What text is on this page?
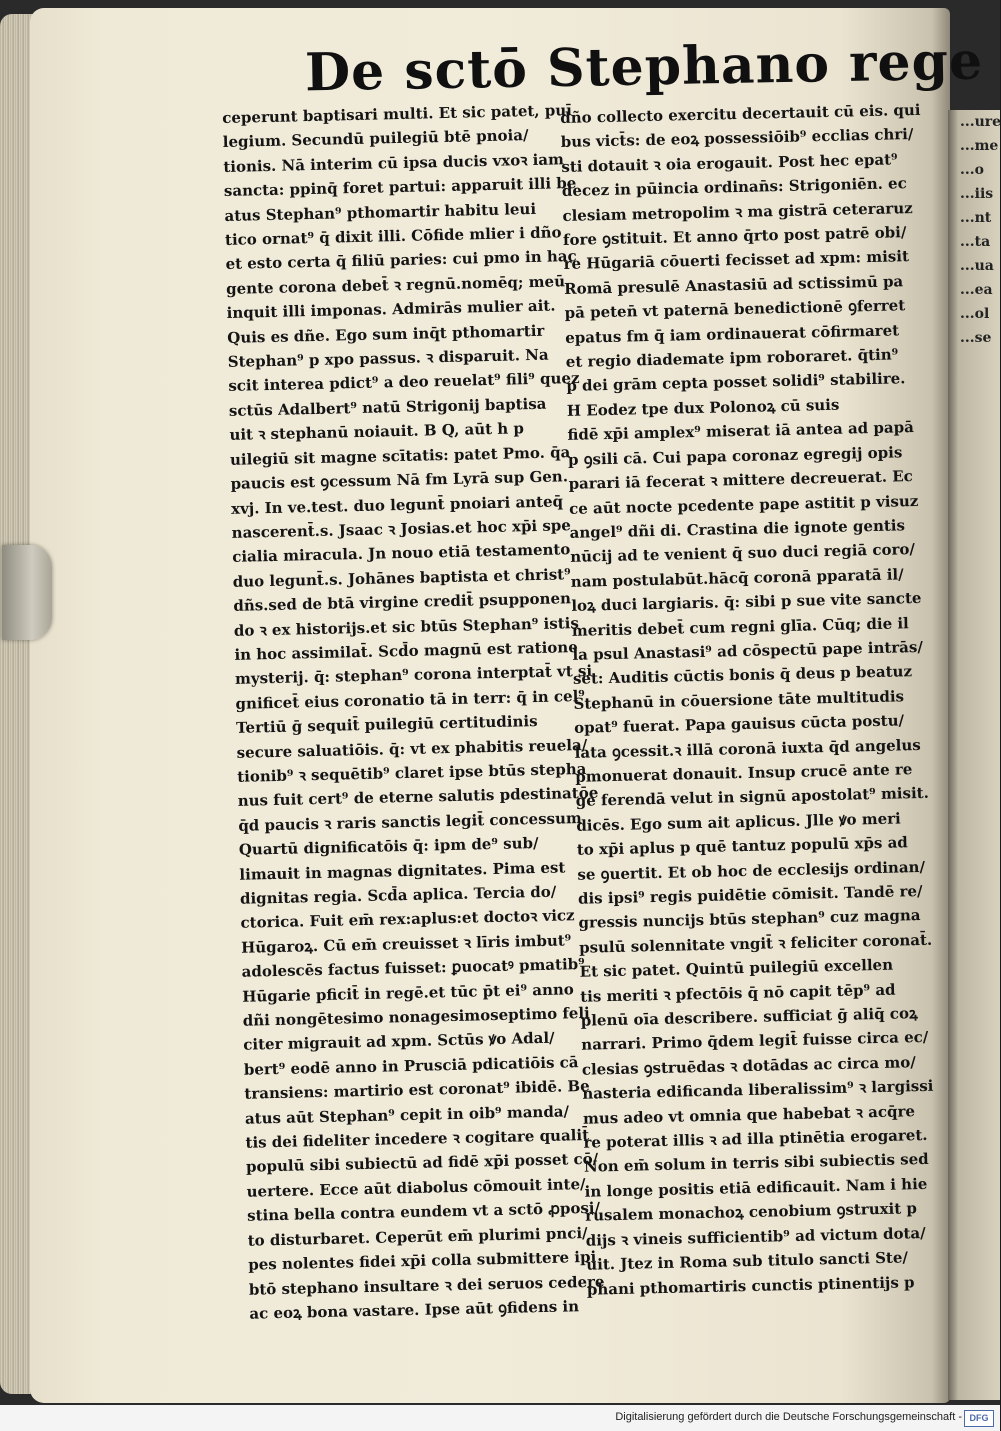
...ure
...me
...o
...iis
...nt
...ta
...ua
...ea
...ol
...se
De sctō Stephano rege
ceperunt baptisari multi. Et sic patet, puī
legium. Secundū puilegiū btē pnoia/
tionis. Nā interim cū ipsa ducis vxoꝛ iam
sancta: ppinq̄ foret partui: apparuit illi be
atus Stephan⁹ pthomartir habitu leui
tico ornat⁹ q̄ dixit illi. Cōfide mlier i dño
et esto certa q̄ filiū paries: cui pmo in hac
gente corona debet̄ ꝛ regnū.nomēq; meū
inquit illi imponas. Admirās mulier ait.
Quis es dñe. Ego sum inq̄t pthomartir
Stephan⁹ p xpo passus. ꝛ disparuit. Na
scit interea pdict⁹ a deo reuelat⁹ fili⁹ quez
sctūs Adalbert⁹ natū Strigonij baptisa
uit ꝛ stephanū noiauit. B Q, aūt h p
uilegiū sit magne scītatis: patet Pmo. q̄a
paucis est ꝯcessum Nā fm Lyrā sup Gen.
xvj. In ve.test. duo legunt̄ pnoiari anteq̄
nascerent̄.s. Jsaac ꝛ Josias.et hoc xp̄i spe
cialia miracula. Jn nouo etiā testamento
duo legunt̄.s. Johānes baptista et christ⁹
dñs.sed de btā virgine credit̄ psupponen
do ꝛ ex historijs.et sic btūs Stephan⁹ istis
in hoc assimilat̄. Scd̄o magnū est ratione
mysterij. q̄: stephan⁹ corona interptat̄ vt si
gnificet̄ eius coronatio tā in terr: q̄ in cel⁹
Tertiū ḡ sequit̄ puilegiū certitudinis
secure saluatiōis. q̄: vt ex phabitis reuela/
tionib⁹ ꝛ sequētib⁹ claret ipse btūs stepha
nus fuit cert⁹ de eterne salutis pdestinatōe
q̄d paucis ꝛ raris sanctis legit̄ concessum
Quartū dignificatōis q̄: ipm de⁹ sub/
limauit in magnas dignitates. Pima est
dignitas regia. Scd̄a aplica. Tercia do/
ctorica. Fuit em̄ rex:aplus:et doctoꝛ vicz
Hūgaroꝝ. Cū em̄ creuisset ꝛ līris imbut⁹
adolescēs factus fuisset: ꝑuocatꝰ pmatib⁹
Hūgarie pficit̄ in regē.et tūc p̄t ei⁹ anno
dñi nongētesimo nonagesimoseptimo feli
citer migrauit ad xpm. Sctūs ꝟo Adal/
bert⁹ eodē anno in Prusciā pdicatiōis cā
transiens: martirio est coronat⁹ ibidē. Be
atus aūt Stephan⁹ cepit in oib⁹ manda/
tis dei fideliter incedere ꝛ cogitare qualit̄
populū sibi subiectū ad fidē xp̄i posset cō/
uertere. Ecce aūt diabolus cōmouit inte/
stina bella contra eundem vt a sctō ꝓposi/
to disturbaret. Ceperūt em̄ plurimi pnci/
pes nolentes fidei xp̄i colla submittere ipi
btō stephano insultare ꝛ dei seruos cedere
ac eoꝝ bona vastare. Ipse aūt ꝯfidens in
dño collecto exercitu decertauit cū eis. qui
bus vict̄s: de eoꝝ possessiōib⁹ ecclias chri/
sti dotauit ꝛ oia erogauit. Post hec epat⁹
decez in pūincia ordinan̄s: Strigoniēn. ec
clesiam metropolim ꝛ ma gistrā ceteraruz
fore ꝯstituit. Et anno q̄rto post patrē obi/
re Hūgariā cōuerti fecisset ad xpm: misit
Romā presulē Anastasiū ad sctissimū pa
pā peten̄ vt paternā benedictionē ꝯferret
epatus fm q̄ iam ordinauerat cōfirmaret
et regio diademate ipm roboraret. q̄tin⁹
p dei grām cepta posset solidi⁹ stabilire.
H Eodez tpe dux Polonoꝝ cū suis
fidē xp̄i amplex⁹ miserat iā antea ad papā
p ꝯsili cā. Cui papa coronaz egregij opis
parari iā fecerat ꝛ mittere decreuerat. Ec
ce aūt nocte pcedente pape astitit p visuz
angel⁹ dñi di. Crastina die ignote gentis
nūcij ad te venient q̄ suo duci regiā coro/
nam postulabūt.hācq̄ coronā pparatā il/
loꝝ duci largiaris. q̄: sibi p sue vite sancte
meritis debet̄ cum regni glīa. Cūq; die il
la psul Anastasi⁹ ad cōspectū pape intrās/
set: Auditis cūctis bonis q̄ deus p beatuz
Stephanū in cōuersione tāte multitudis
opat⁹ fuerat. Papa gauisus cūcta postu/
lata ꝯcessit.ꝛ illā coronā iuxta q̄d angelus
pmonuerat donauit. Insup crucē ante re
ge ferendā velut in signū apostolat⁹ misit.
dicēs. Ego sum ait aplicus. Jlle ꝟo meri
to xp̄i aplus p quē tantuz populū xp̄s ad
se ꝯuertit. Et ob hoc de ecclesijs ordinan/
dis ipsi⁹ regis puidētie cōmisit. Tandē re/
gressis nuncijs btūs stephan⁹ cuz magna
psulū solennitate vngit̄ ꝛ feliciter coronat̄.
Et sic patet. Quintū puilegiū excellen
tis meriti ꝛ pfectōis q̄ nō capit tēp⁹ ad
plenū oīa describere. sufficiat ḡ aliq̄ coꝝ
narrari. Primo q̄dem legit̄ fuisse circa ec/
clesias ꝯstruēdas ꝛ dotādas ac circa mo/
nasteria edificanda liberalissim⁹ ꝛ largissi
mus adeo vt omnia que habebat ꝛ acq̄re
re poterat illis ꝛ ad illa ptinētia erogaret.
Non em̄ solum in terris sibi subiectis sed
in longe positis etiā edificauit. Nam i hie
rusalem monachoꝝ cenobium ꝯstruxit p
dijs ꝛ vineis sufficientib⁹ ad victum dota/
uit. Jtez in Roma sub titulo sancti Ste/
phani pthomartiris cunctis ptinentijs p
Digitalisierung gefördert durch die Deutsche Forschungsgemeinschaft - DFG
